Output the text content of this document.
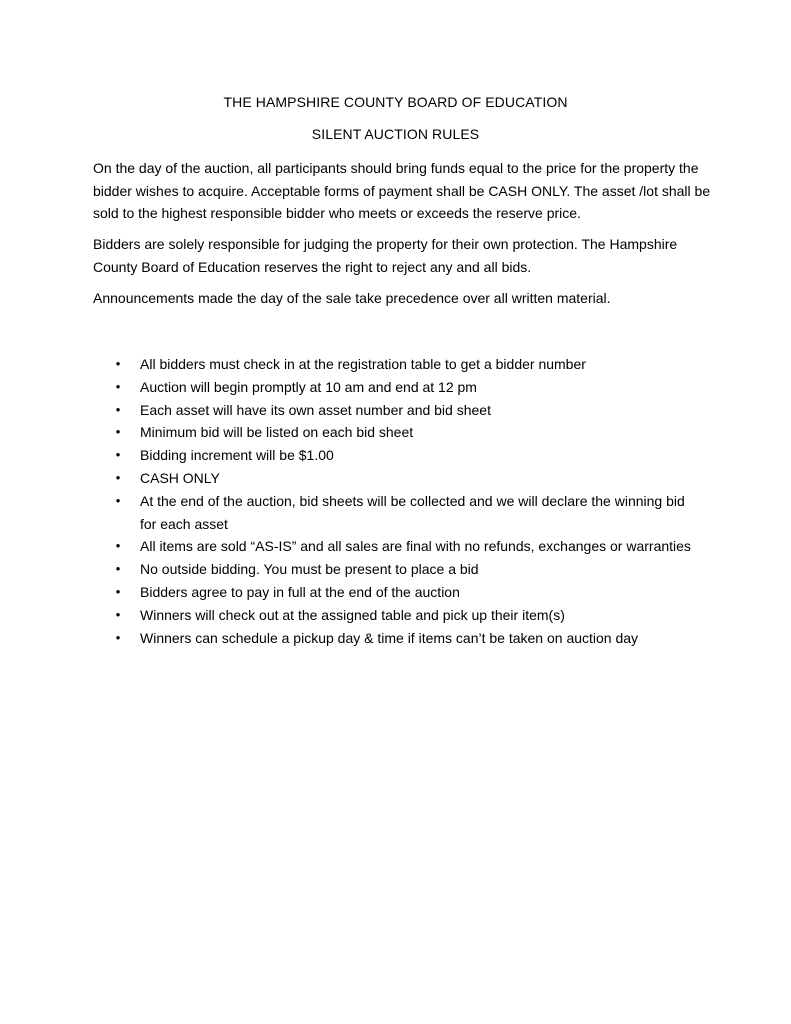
THE HAMPSHIRE COUNTY BOARD OF EDUCATION
SILENT AUCTION RULES

On the day of the auction, all participants should bring funds equal to the price for the property the bidder wishes to acquire. Acceptable forms of payment shall be CASH ONLY. The asset /lot shall be sold to the highest responsible bidder who meets or exceeds the reserve price.

Bidders are solely responsible for judging the property for their own protection. The Hampshire County Board of Education reserves the right to reject any and all bids.

Announcements made the day of the sale take precedence over all written material.

• All bidders must check in at the registration table to get a bidder number
• Auction will begin promptly at 10 am and end at 12 pm
• Each asset will have its own asset number and bid sheet
• Minimum bid will be listed on each bid sheet
• Bidding increment will be $1.00
• CASH ONLY
• At the end of the auction, bid sheets will be collected and we will declare the winning bid for each asset
• All items are sold “AS-IS” and all sales are final with no refunds, exchanges or warranties
• No outside bidding. You must be present to place a bid
• Bidders agree to pay in full at the end of the auction
• Winners will check out at the assigned table and pick up their item(s)
• Winners can schedule a pickup day & time if items can’t be taken on auction day
